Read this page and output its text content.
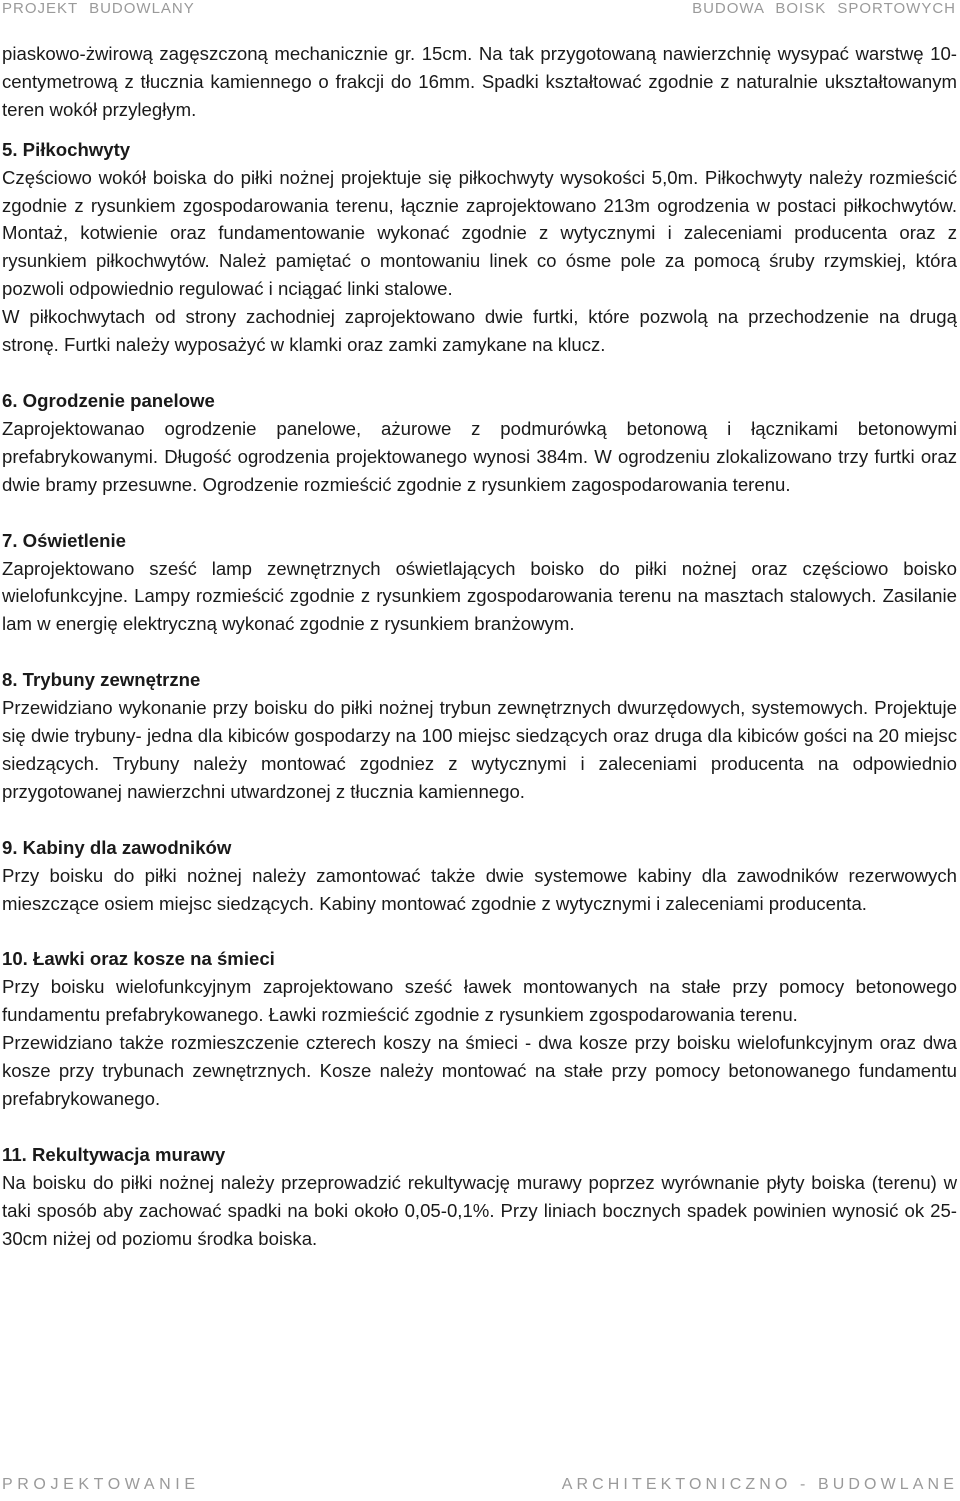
PROJEKT BUDOWLANY	BUDOWA BOISK SPORTOWYCH

piaskowo-żwirową zagęszczoną mechanicznie gr. 15cm. Na tak przygotowaną nawierzchnię wysypać warstwę 10-centymetrową z tłucznia kamiennego o frakcji do 16mm. Spadki kształtować zgodnie z naturalnie ukształtowanym teren wokół przyległym.

5. Piłkochwyty

Częściowo wokół boiska do piłki nożnej projektuje się piłkochwyty wysokości 5,0m. Piłkochwyty należy rozmieścić zgodnie z rysunkiem zgospodarowania terenu, łącznie zaprojektowano 213m ogrodzenia w postaci piłkochwytów. Montaż, kotwienie oraz fundamentowanie wykonać zgodnie z wytycznymi i zaleceniami producenta oraz z rysunkiem piłkochwytów. Należ pamiętać o montowaniu linek co ósme pole za pomocą śruby rzymskiej, która pozwoli odpowiednio regulować i nciągać linki stalowe.

W piłkochwytach od strony zachodniej zaprojektowano dwie furtki, które pozwolą na przechodzenie na drugą stronę. Furtki należy wyposażyć w klamki oraz zamki zamykane na klucz.

6. Ogrodzenie panelowe

Zaprojektowanao ogrodzenie panelowe, ażurowe z podmurówką betonową i łącznikami betonowymi prefabrykowanymi. Długość ogrodzenia projektowanego wynosi 384m. W ogrodzeniu zlokalizowano trzy furtki oraz dwie bramy przesuwne. Ogrodzenie rozmieścić zgodnie z rysunkiem zagospodarowania terenu.

7. Oświetlenie

Zaprojektowano sześć lamp zewnętrznych oświetlających boisko do piłki nożnej oraz częściowo boisko wielofunkcyjne. Lampy rozmieścić zgodnie z rysunkiem zgospodarowania terenu na masztach stalowych. Zasilanie lam w energię elektryczną wykonać zgodnie z rysunkiem branżowym.

8. Trybuny zewnętrzne

Przewidziano wykonanie przy boisku do piłki nożnej trybun zewnętrznych dwurzędowych, systemowych. Projektuje się dwie trybuny- jedna dla kibiców gospodarzy na 100 miejsc siedzących oraz druga dla kibiców gości na 20 miejsc siedzących. Trybuny należy montować zgodniez z wytycznymi i zaleceniami producenta na odpowiednio przygotowanej nawierzchni utwardzonej z tłucznia kamiennego.

9. Kabiny dla zawodników

Przy boisku do piłki nożnej należy zamontować także dwie systemowe kabiny dla zawodników rezerwowych mieszczące osiem miejsc siedzących. Kabiny montować zgodnie z wytycznymi i zaleceniami producenta.

10. Ławki oraz kosze na śmieci

Przy boisku wielofunkcyjnym zaprojektowano sześć ławek montowanych na stałe przy pomocy betonowego fundamentu prefabrykowanego. Ławki rozmieścić zgodnie z rysunkiem zgospodarowania terenu.

Przewidziano także rozmieszczenie czterech koszy na śmieci - dwa kosze przy boisku wielofunkcyjnym oraz dwa kosze przy trybunach zewnętrznych. Kosze należy montować na stałe przy pomocy betonowanego fundamentu prefabrykowanego.

11. Rekultywacja murawy

Na boisku do piłki nożnej należy przeprowadzić rekultywację murawy poprzez wyrównanie płyty boiska (terenu) w taki sposób aby zachować spadki na boki około 0,05-0,1%. Przy liniach bocznych spadek powinien wynosić ok 25-30cm niżej od poziomu środka boiska.

PROJEKTOWANIE	ARCHITEKTONICZNO - BUDOWLANE
